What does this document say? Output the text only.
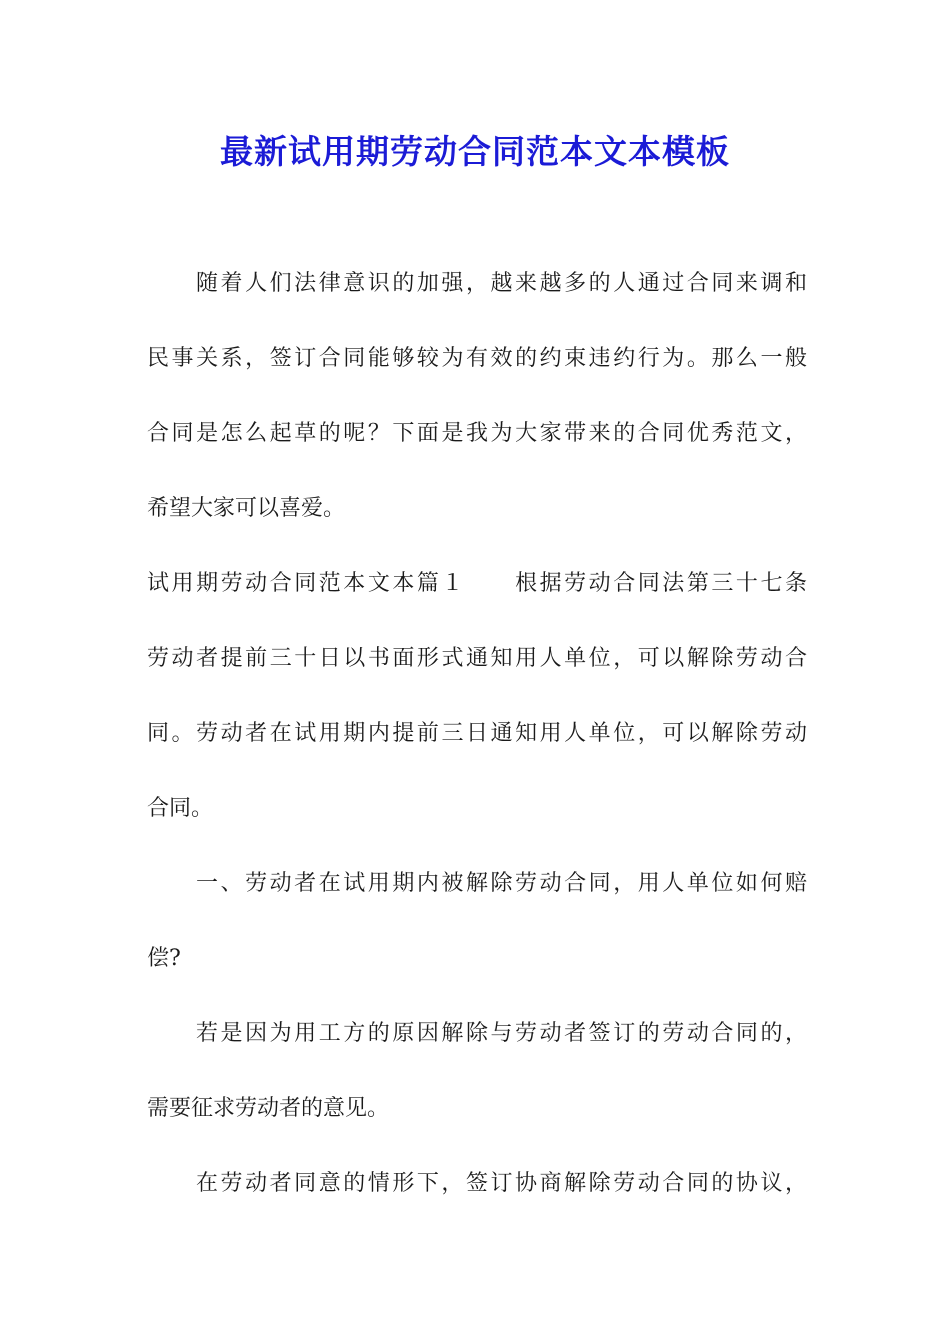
最新试用期劳动合同范本文本模板
随着人们法律意识的加强，越来越多的人通过合同来调和
民事关系，签订合同能够较为有效的约束违约行为。那么一般
合同是怎么起草的呢？下面是我为大家带来的合同优秀范文，
希望大家可以喜爱。
试用期劳动合同范本文本篇１　　根据劳动合同法第三十七条
劳动者提前三十日以书面形式通知用人单位，可以解除劳动合
同。劳动者在试用期内提前三日通知用人单位，可以解除劳动
合同。
一、劳动者在试用期内被解除劳动合同，用人单位如何赔
偿?
若是因为用工方的原因解除与劳动者签订的劳动合同的，
需要征求劳动者的意见。
在劳动者同意的情形下，签订协商解除劳动合同的协议，
